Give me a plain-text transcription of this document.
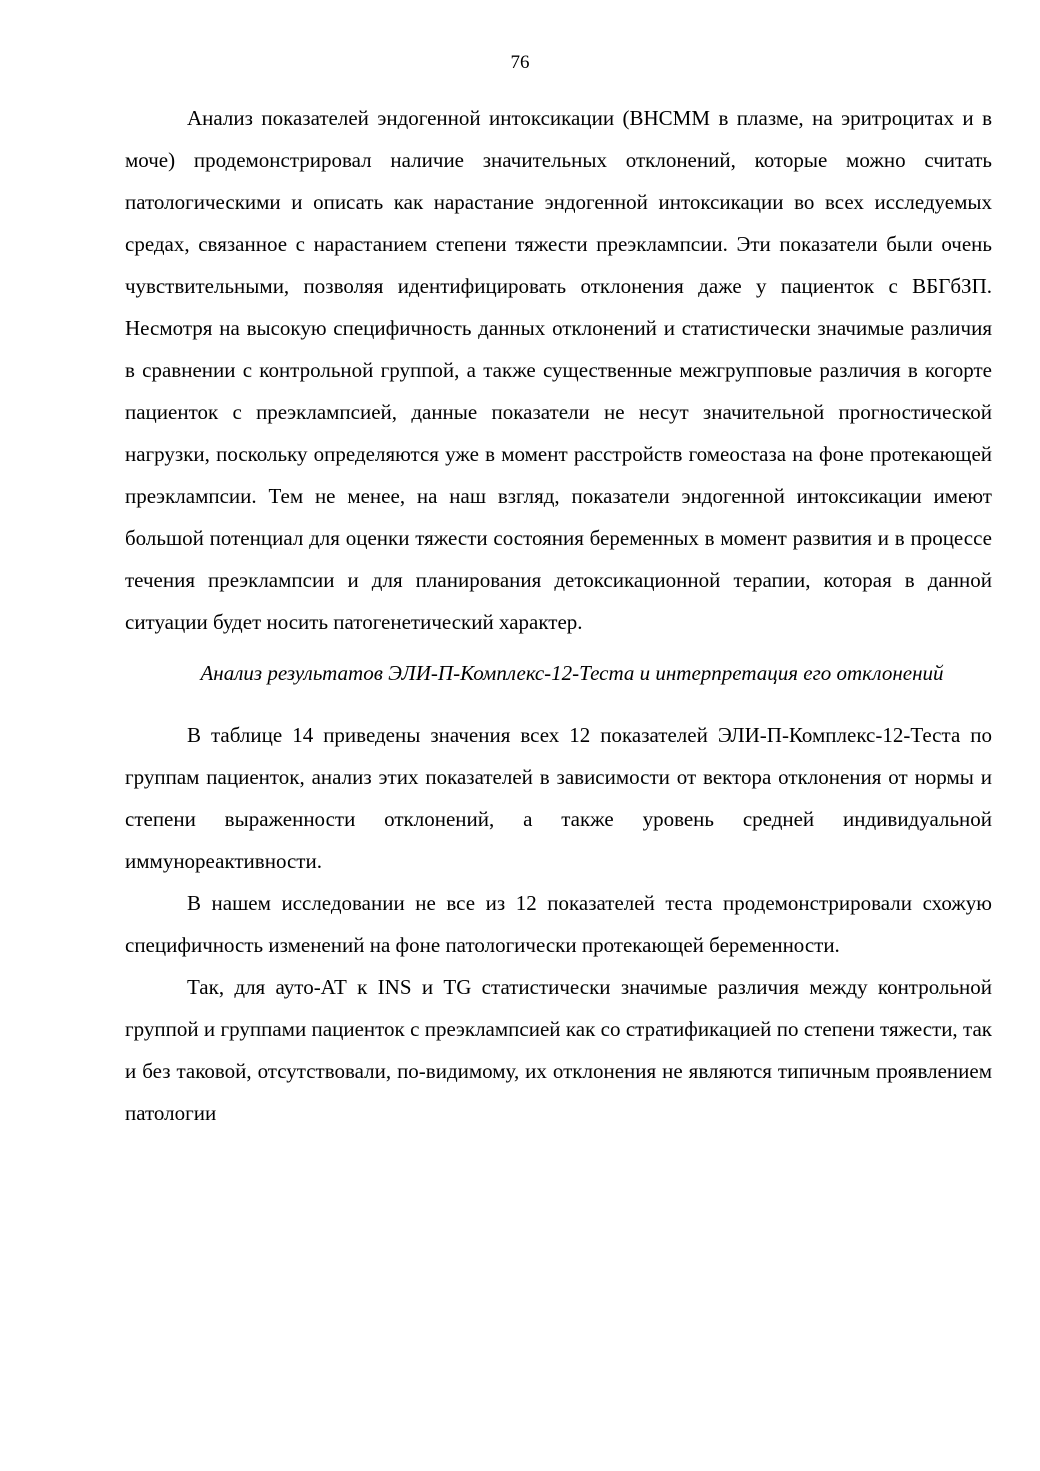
76

Анализ показателей эндогенной интоксикации (ВНСММ в плазме, на эритроцитах и в моче) продемонстрировал наличие значительных отклонений, которые можно считать патологическими и описать как нарастание эндогенной интоксикации во всех исследуемых средах, связанное с нарастанием степени тяжести преэклампсии. Эти показатели были очень чувствительными, позволяя идентифицировать отклонения даже у пациенток с ВБГбЗП. Несмотря на высокую специфичность данных отклонений и статистически значимые различия в сравнении с контрольной группой, а также существенные межгрупповые различия в когорте пациенток с преэклампсией, данные показатели не несут значительной прогностической нагрузки, поскольку определяются уже в момент расстройств гомеостаза на фоне протекающей преэклампсии. Тем не менее, на наш взгляд, показатели эндогенной интоксикации имеют большой потенциал для оценки тяжести состояния беременных в момент развития и в процессе течения преэклампсии и для планирования детоксикационной терапии, которая в данной ситуации будет носить патогенетический характер.

Анализ результатов ЭЛИ-П-Комплекс-12-Теста и интерпретация его отклонений

В таблице 14 приведены значения всех 12 показателей ЭЛИ-П-Комплекс-12-Теста по группам пациенток, анализ этих показателей в зависимости от вектора отклонения от нормы и степени выраженности отклонений, а также уровень средней индивидуальной иммунореактивности.

В нашем исследовании не все из 12 показателей теста продемонстрировали схожую специфичность изменений на фоне патологически протекающей беременности.

Так, для ауто-АТ к INS и TG статистически значимые различия между контрольной группой и группами пациенток с преэклампсией как со стратификацией по степени тяжести, так и без таковой, отсутствовали, по-видимому, их отклонения не являются типичным проявлением патологии
